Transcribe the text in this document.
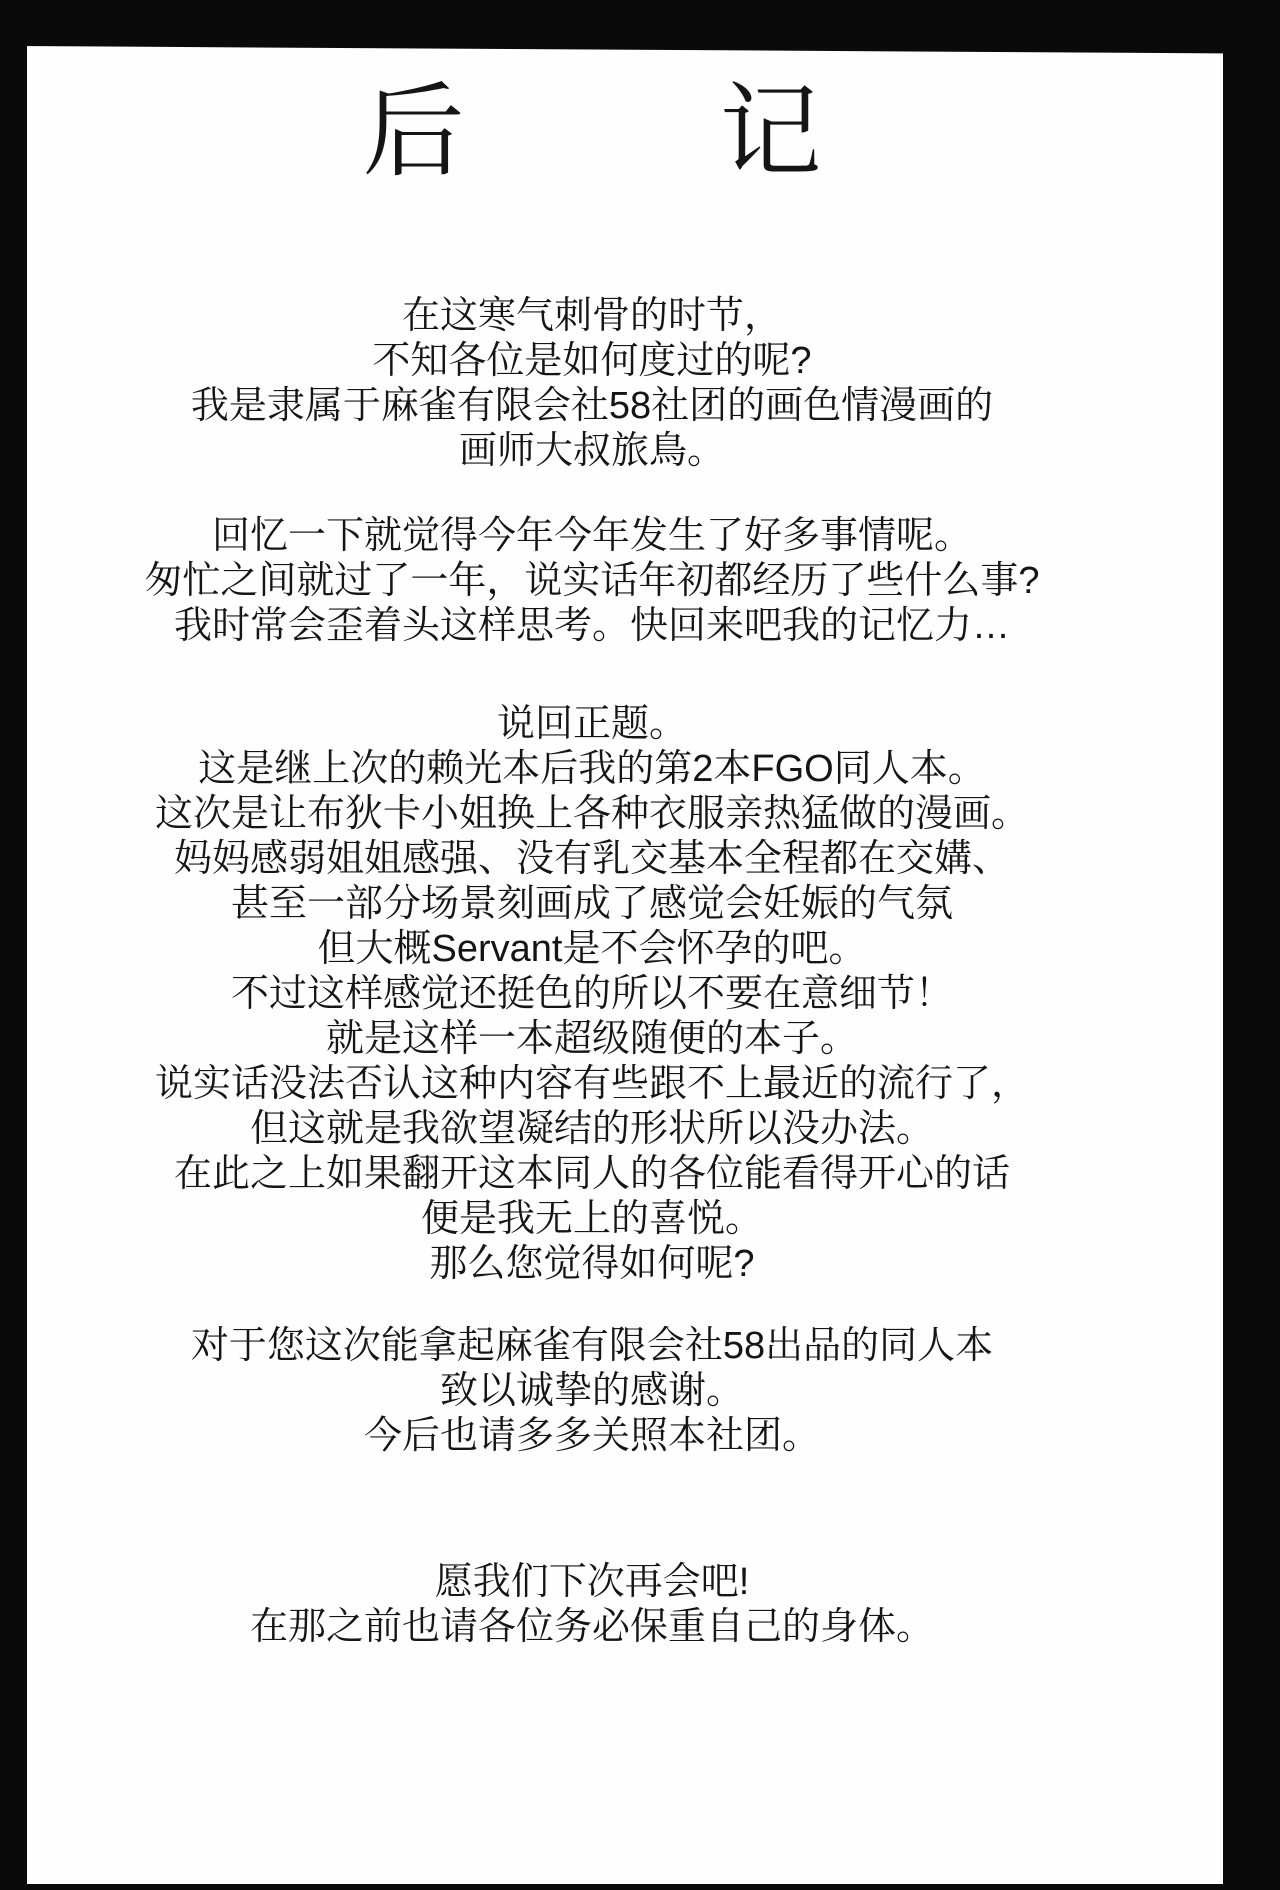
后	记
在这寒气刺骨的时节，
不知各位是如何度过的呢?
我是隶属于麻雀有限会社58社团的画色情漫画的
画师大叔旅鳥。
回忆一下就觉得今年今年发生了好多事情呢。
匆忙之间就过了一年，说实话年初都经历了些什么事?
我时常会歪着头这样思考。快回来吧我的记忆力…
说回正题。
这是继上次的赖光本后我的第2本FGO同人本。
这次是让布狄卡小姐换上各种衣服亲热猛做的漫画。
妈妈感弱姐姐感强、没有乳交基本全程都在交媾、
甚至一部分场景刻画成了感觉会妊娠的气氛
但大概Servant是不会怀孕的吧。
不过这样感觉还挺色的所以不要在意细节！
就是这样一本超级随便的本子。
说实话没法否认这种内容有些跟不上最近的流行了，
但这就是我欲望凝结的形状所以没办法。
在此之上如果翻开这本同人的各位能看得开心的话
便是我无上的喜悦。
那么您觉得如何呢?
对于您这次能拿起麻雀有限会社58出品的同人本
致以诚挚的感谢。
今后也请多多关照本社团。
愿我们下次再会吧!
在那之前也请各位务必保重自己的身体。
